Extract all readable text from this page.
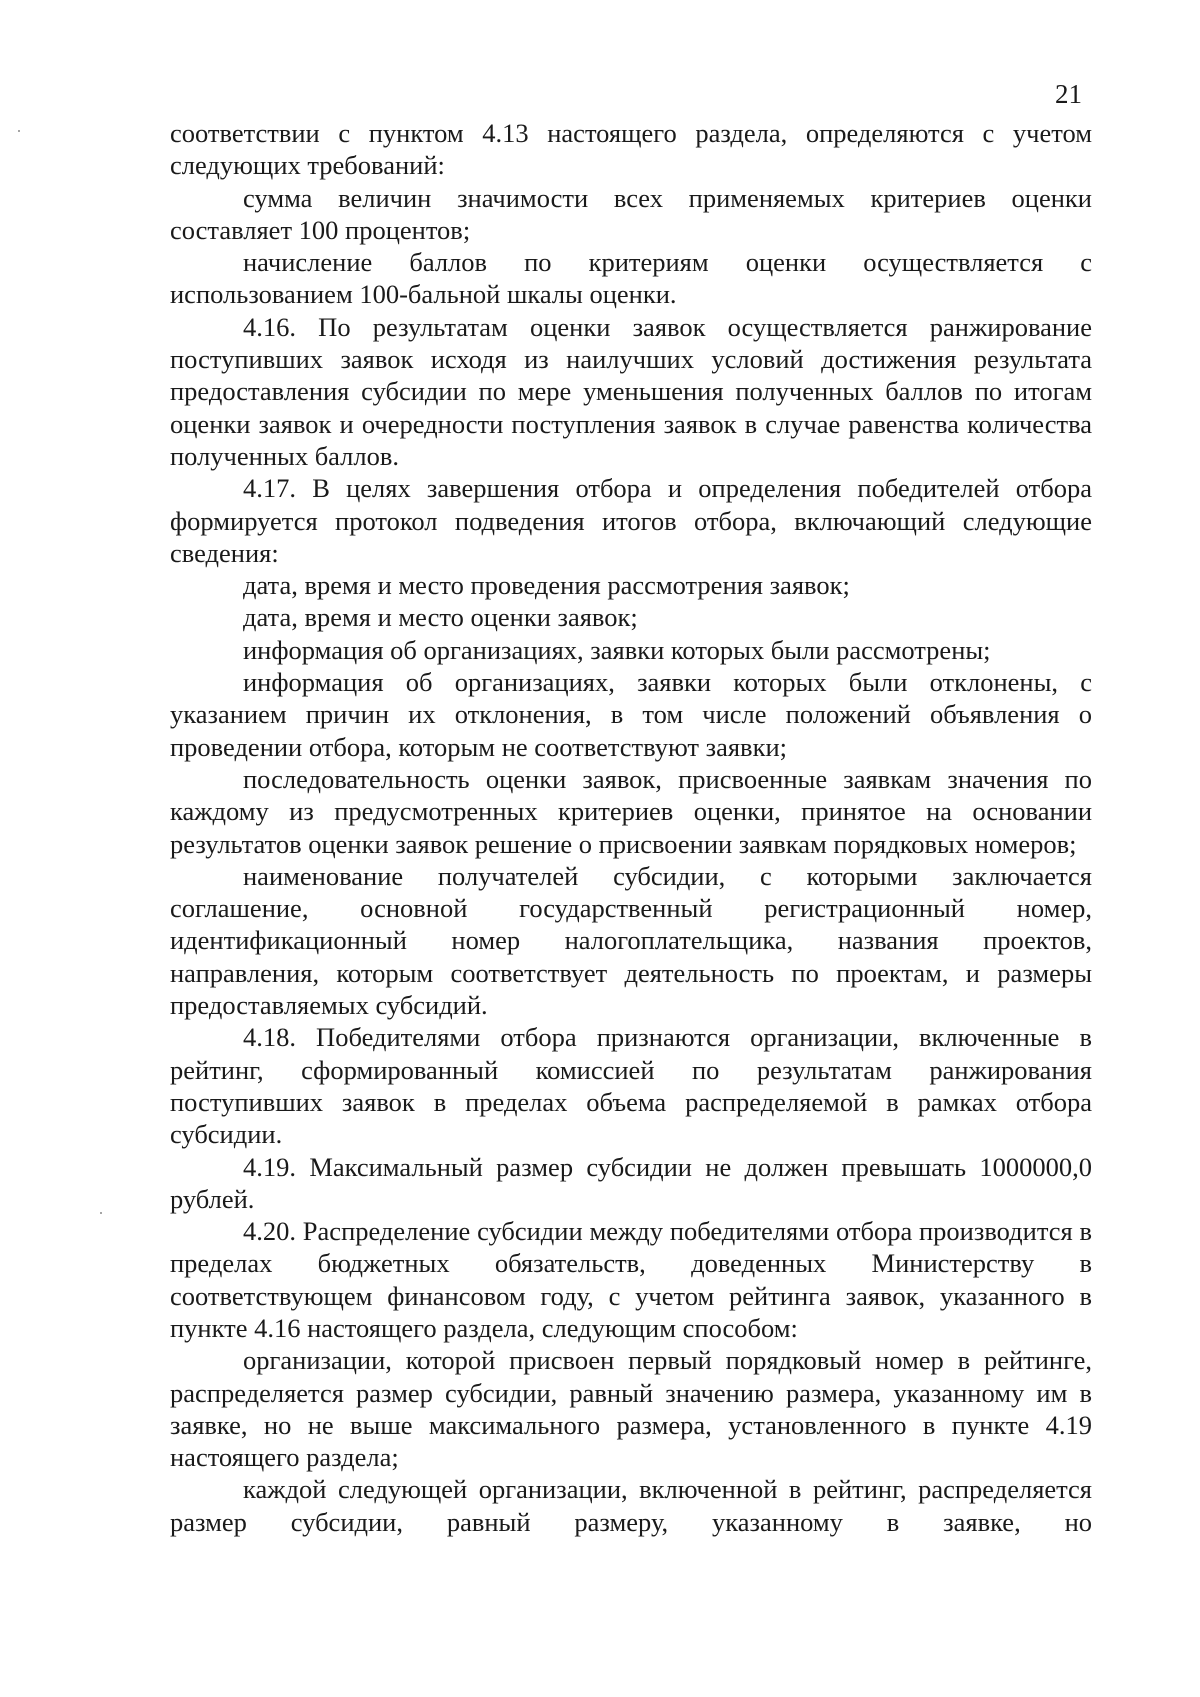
21

соответствии с пунктом 4.13 настоящего раздела, определяются с учетом следующих требований:

сумма величин значимости всех применяемых критериев оценки составляет 100 процентов;

начисление баллов по критериям оценки осуществляется с использованием 100-бальной шкалы оценки.

4.16. По результатам оценки заявок осуществляется ранжирование поступивших заявок исходя из наилучших условий достижения результата предоставления субсидии по мере уменьшения полученных баллов по итогам оценки заявок и очередности поступления заявок в случае равенства количества полученных баллов.

4.17. В целях завершения отбора и определения победителей отбора формируется протокол подведения итогов отбора, включающий следующие сведения:

дата, время и место проведения рассмотрения заявок;

дата, время и место оценки заявок;

информация об организациях, заявки которых были рассмотрены;

информация об организациях, заявки которых были отклонены, с указанием причин их отклонения, в том числе положений объявления о проведении отбора, которым не соответствуют заявки;

последовательность оценки заявок, присвоенные заявкам значения по каждому из предусмотренных критериев оценки, принятое на основании результатов оценки заявок решение о присвоении заявкам порядковых номеров;

наименование получателей субсидии, с которыми заключается соглашение, основной государственный регистрационный номер, идентификационный номер налогоплательщика, названия проектов, направления, которым соответствует деятельность по проектам, и размеры предоставляемых субсидий.

4.18. Победителями отбора признаются организации, включенные в рейтинг, сформированный комиссией по результатам ранжирования поступивших заявок в пределах объема распределяемой в рамках отбора субсидии.

4.19. Максимальный размер субсидии не должен превышать 1000000,0 рублей.

4.20. Распределение субсидии между победителями отбора производится в пределах бюджетных обязательств, доведенных Министерству в соответствующем финансовом году, с учетом рейтинга заявок, указанного в пункте 4.16 настоящего раздела, следующим способом:

организации, которой присвоен первый порядковый номер в рейтинге, распределяется размер субсидии, равный значению размера, указанному им в заявке, но не выше максимального размера, установленного в пункте 4.19 настоящего раздела;

каждой следующей организации, включенной в рейтинг, распределяется размер субсидии, равный размеру, указанному в заявке, но
